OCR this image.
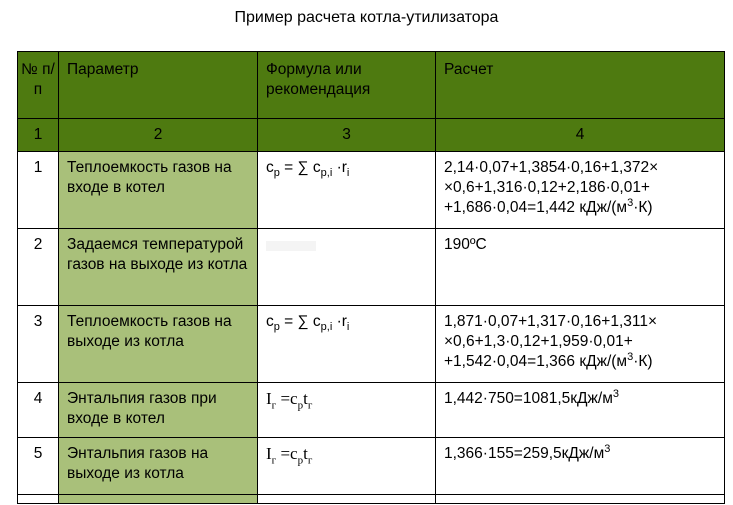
Пример расчета котла-утилизатора
№ п/п	Параметр	Формула или рекомендация	Расчет
1	2	3	4
1	Теплоемкость газов на входе в котел	$c_p$ = ∑ $c_{p,i} \cdot r_i$	2,14·0,07+1,3854·0,16+1,372×
×0,6+1,316·0,12+2,186·0,01+
+1,686·0,04=1,442 кДж/$(м^3\cdot К)$
2	Задаемся температурой газов на выходе из котла		190ºС
3	Теплоемкость газов на выходе из котла	$c_p$ = ∑ $c_{p,i} \cdot r_i$	1,871·0,07+1,317·0,16+1,311×
×0,6+1,3·0,12+1,959·0,01+
+1,542·0,04=1,366 кДж/$(м^3\cdot К)$
4	Энтальпия газов при входе в котел	$I_г =c_pt_г$	$1,442\cdot 750=1081,5кДж/м^3$
5	Энтальпия газов на выходе из котла	$I_г =c_pt_г$	$1,366\cdot 155=259,5кДж/м^3$
